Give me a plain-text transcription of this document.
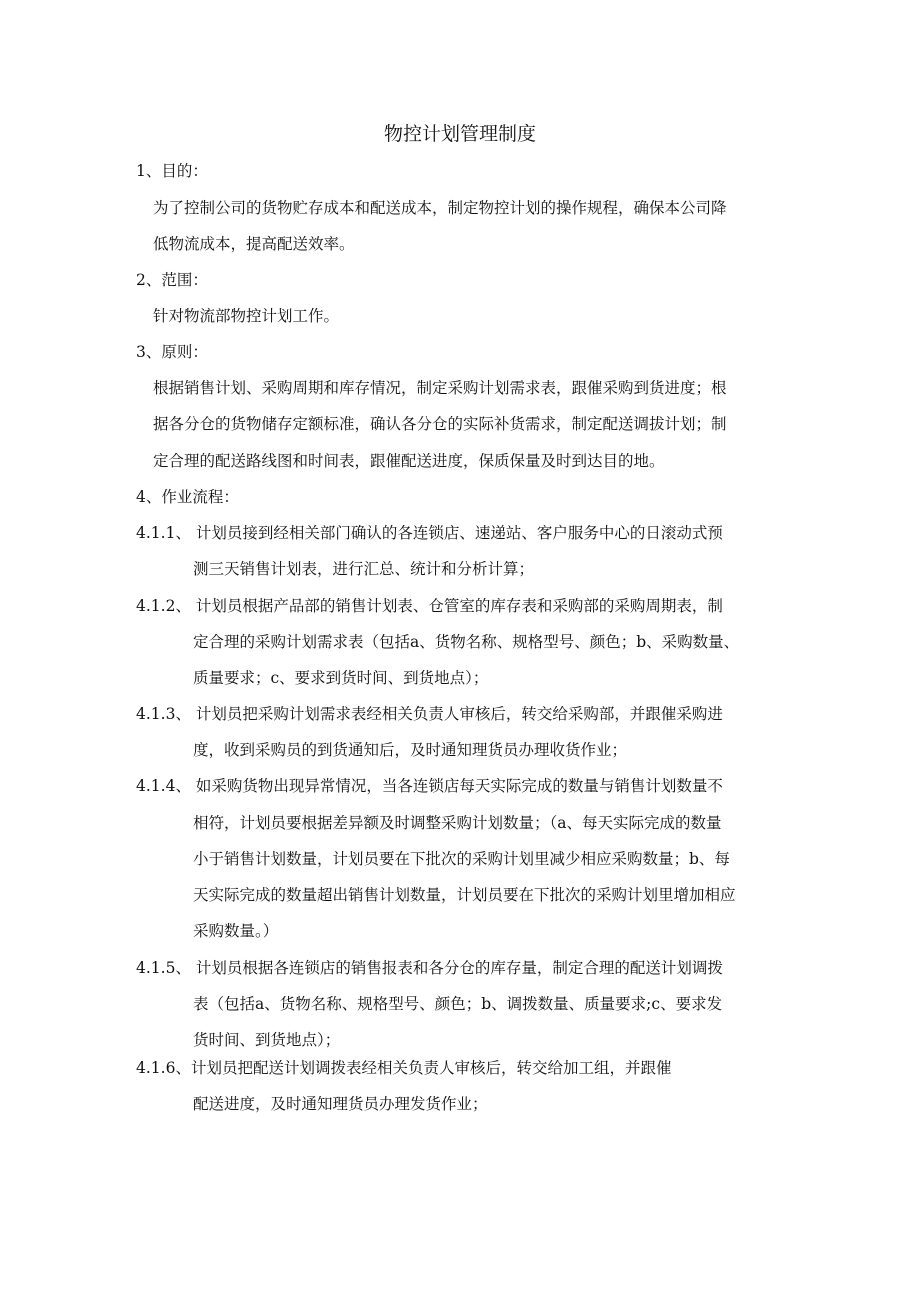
物控计划管理制度
1、目的：
为了控制公司的货物贮存成本和配送成本，制定物控计划的操作规程，确保本公司降
低物流成本，提高配送效率。
2、范围：
针对物流部物控计划工作。
3、原则：
根据销售计划、采购周期和库存情况，制定采购计划需求表，跟催采购到货进度；根
据各分仓的货物储存定额标准，确认各分仓的实际补货需求，制定配送调拔计划；制
定合理的配送路线图和时间表，跟催配送进度，保质保量及时到达目的地。
4、作业流程：
4.1.1、 计划员接到经相关部门确认的各连锁店、速递站、客户服务中心的日滚动式预
测三天销售计划表，进行汇总、统计和分析计算；
4.1.2、 计划员根据产品部的销售计划表、仓管室的库存表和采购部的采购周期表，制
定合理的采购计划需求表（包括a、货物名称、规格型号、颜色；b、采购数量、
质量要求；c、要求到货时间、到货地点）；
4.1.3、 计划员把采购计划需求表经相关负责人审核后，转交给采购部，并跟催采购进
度，收到采购员的到货通知后，及时通知理货员办理收货作业；
4.1.4、 如采购货物出现异常情况，当各连锁店每天实际完成的数量与销售计划数量不
相符，计划员要根据差异额及时调整采购计划数量；（a、每天实际完成的数量
小于销售计划数量，计划员要在下批次的采购计划里减少相应采购数量；b、每
天实际完成的数量超出销售计划数量，计划员要在下批次的采购计划里增加相应
采购数量。）
4.1.5、 计划员根据各连锁店的销售报表和各分仓的库存量，制定合理的配送计划调拨
表（包括a、货物名称、规格型号、颜色；b、调拨数量、质量要求;c、要求发
货时间、到货地点）；
4.1.6、计划员把配送计划调拨表经相关负责人审核后，转交给加工组，并跟催
配送进度，及时通知理货员办理发货作业；
